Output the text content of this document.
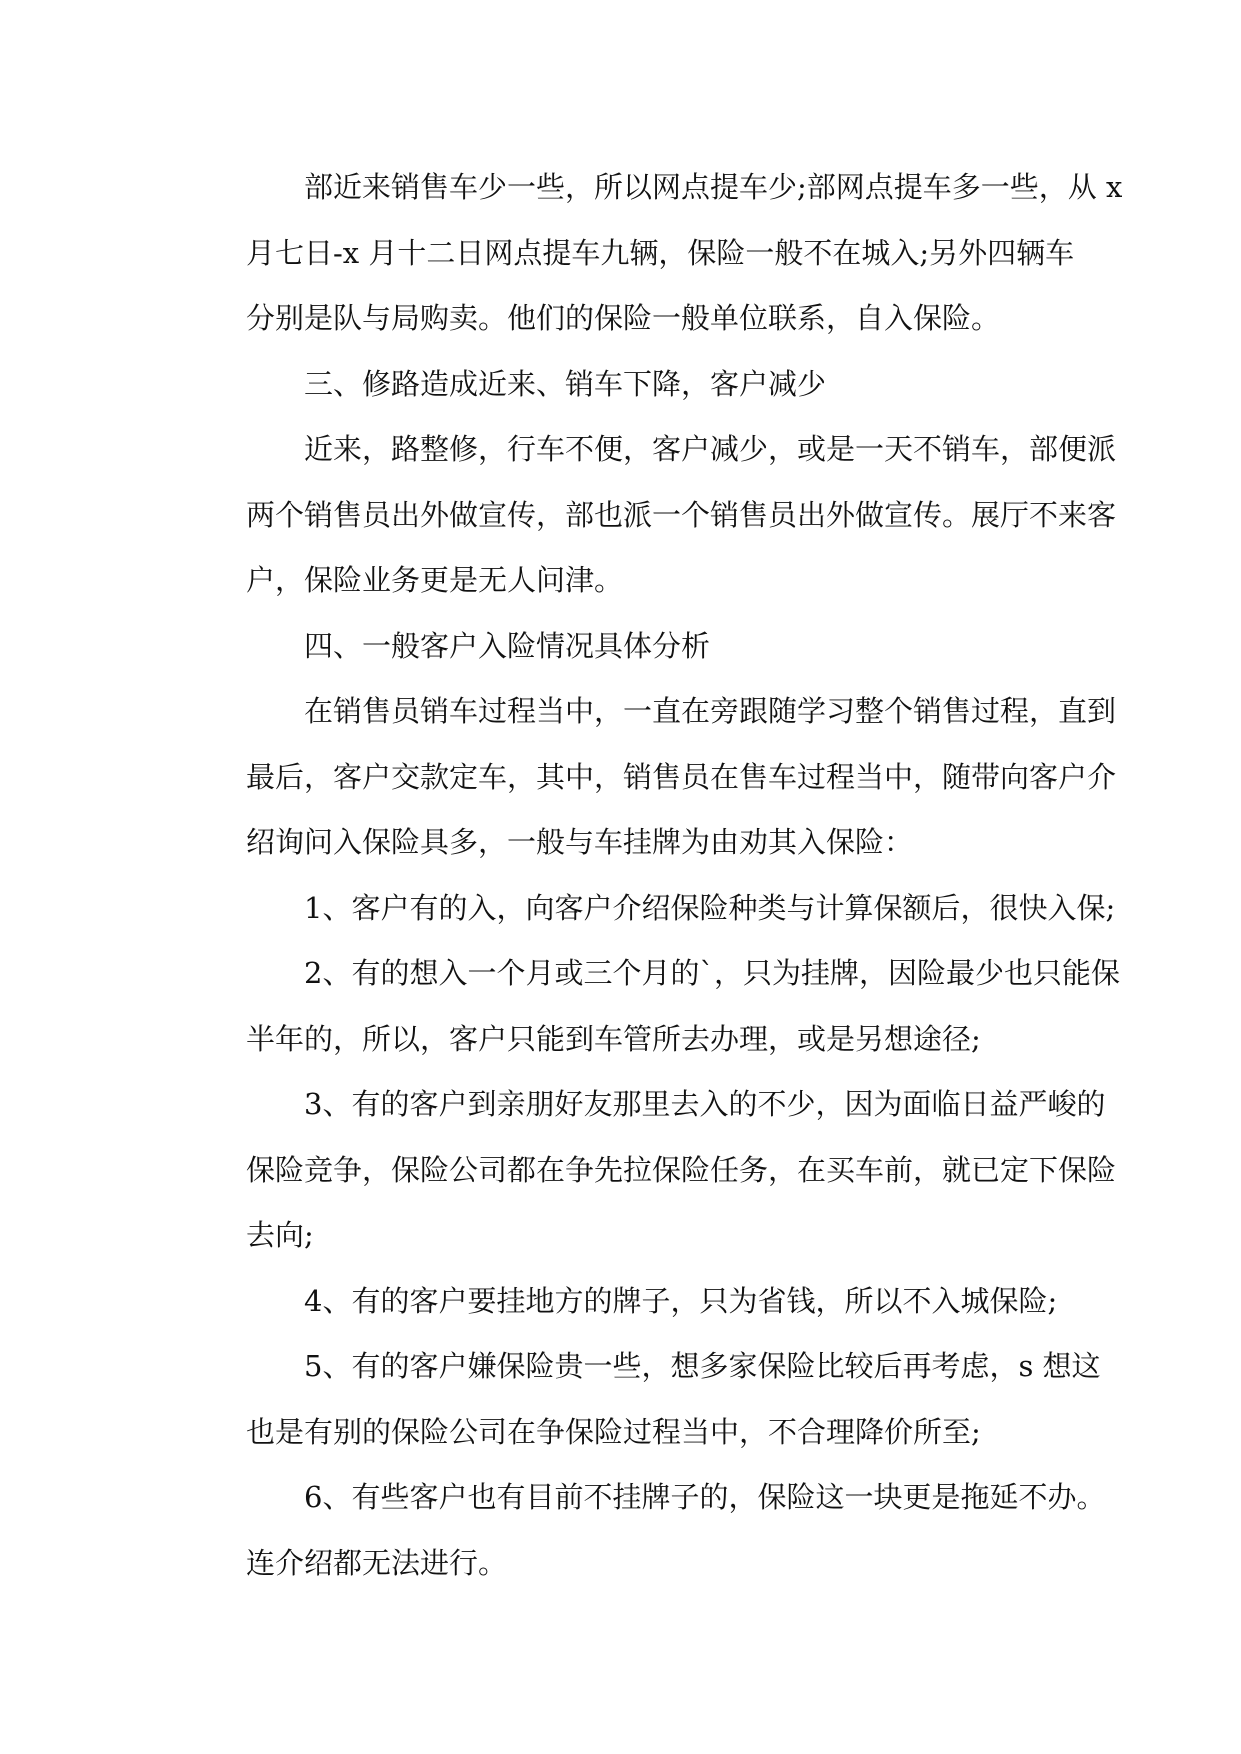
部近来销售车少一些，所以网点提车少;部网点提车多一些，从 x
月七日-x 月十二日网点提车九辆，保险一般不在城入;另外四辆车
分别是队与局购卖。他们的保险一般单位联系，自入保险。
三、修路造成近来、销车下降，客户减少
近来，路整修，行车不便，客户减少，或是一天不销车，部便派
两个销售员出外做宣传，部也派一个销售员出外做宣传。展厅不来客
户，保险业务更是无人问津。
四、一般客户入险情况具体分析
在销售员销车过程当中，一直在旁跟随学习整个销售过程，直到
最后，客户交款定车，其中，销售员在售车过程当中，随带向客户介
绍询问入保险具多，一般与车挂牌为由劝其入保险：
1、客户有的入，向客户介绍保险种类与计算保额后，很快入保;
2、有的想入一个月或三个月的`，只为挂牌，因险最少也只能保
半年的，所以，客户只能到车管所去办理，或是另想途径;
3、有的客户到亲朋好友那里去入的不少，因为面临日益严峻的
保险竞争，保险公司都在争先拉保险任务，在买车前，就已定下保险
去向;
4、有的客户要挂地方的牌子，只为省钱，所以不入城保险;
5、有的客户嫌保险贵一些，想多家保险比较后再考虑，s 想这
也是有别的保险公司在争保险过程当中，不合理降价所至;
6、有些客户也有目前不挂牌子的，保险这一块更是拖延不办。
连介绍都无法进行。
